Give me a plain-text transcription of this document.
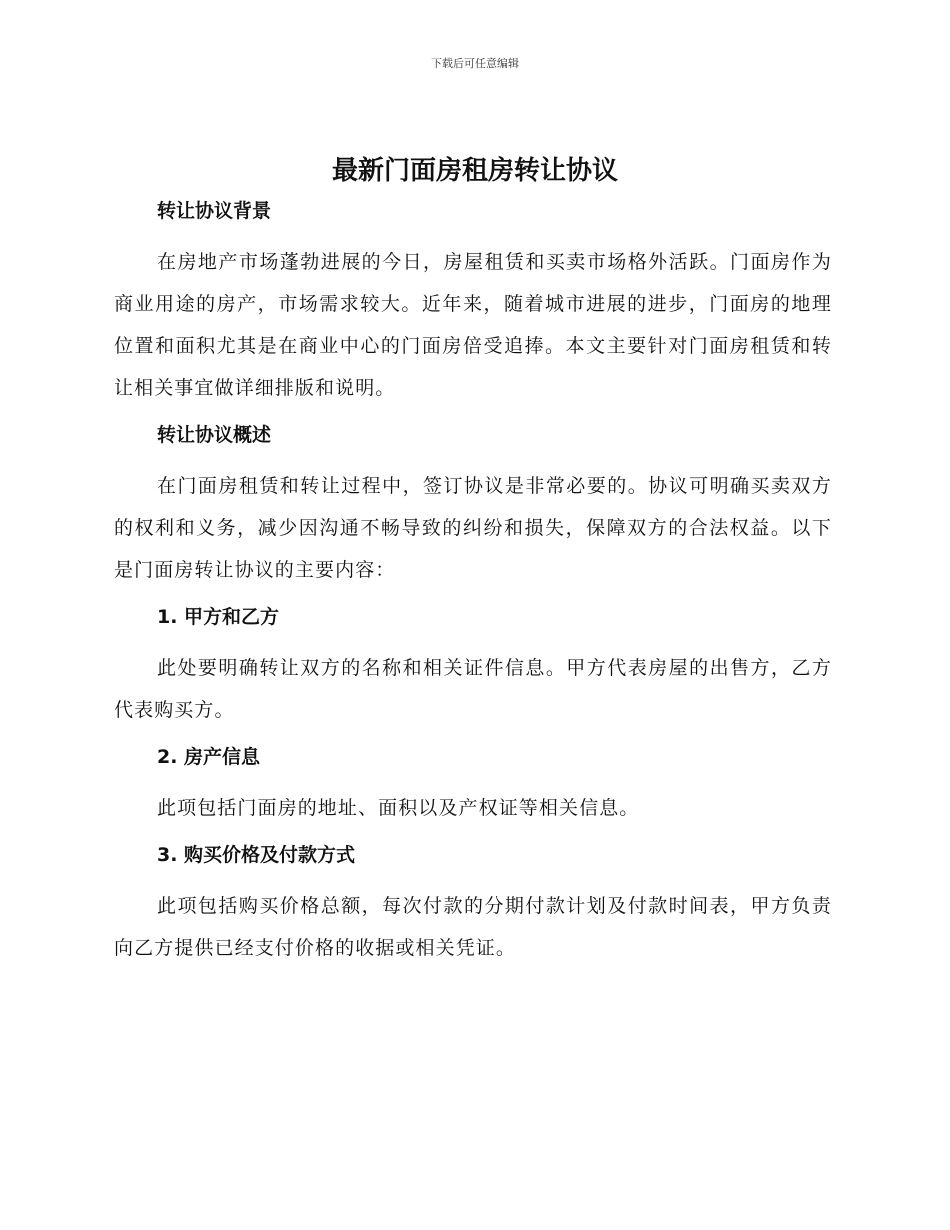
下载后可任意编辑
最新门面房租房转让协议
转让协议背景

在房地产市场蓬勃进展的今日，房屋租赁和买卖市场格外活跃。门面房作为商业用途的房产，市场需求较大。近年来，随着城市进展的进步，门面房的地理位置和面积尤其是在商业中心的门面房倍受追捧。本文主要针对门面房租赁和转让相关事宜做详细排版和说明。

转让协议概述

在门面房租赁和转让过程中，签订协议是非常必要的。协议可明确买卖双方的权利和义务，减少因沟通不畅导致的纠纷和损失，保障双方的合法权益。以下是门面房转让协议的主要内容：

1. 甲方和乙方

此处要明确转让双方的名称和相关证件信息。甲方代表房屋的出售方，乙方代表购买方。

2. 房产信息

此项包括门面房的地址、面积以及产权证等相关信息。

3. 购买价格及付款方式

此项包括购买价格总额，每次付款的分期付款计划及付款时间表，甲方负责向乙方提供已经支付价格的收据或相关凭证。
